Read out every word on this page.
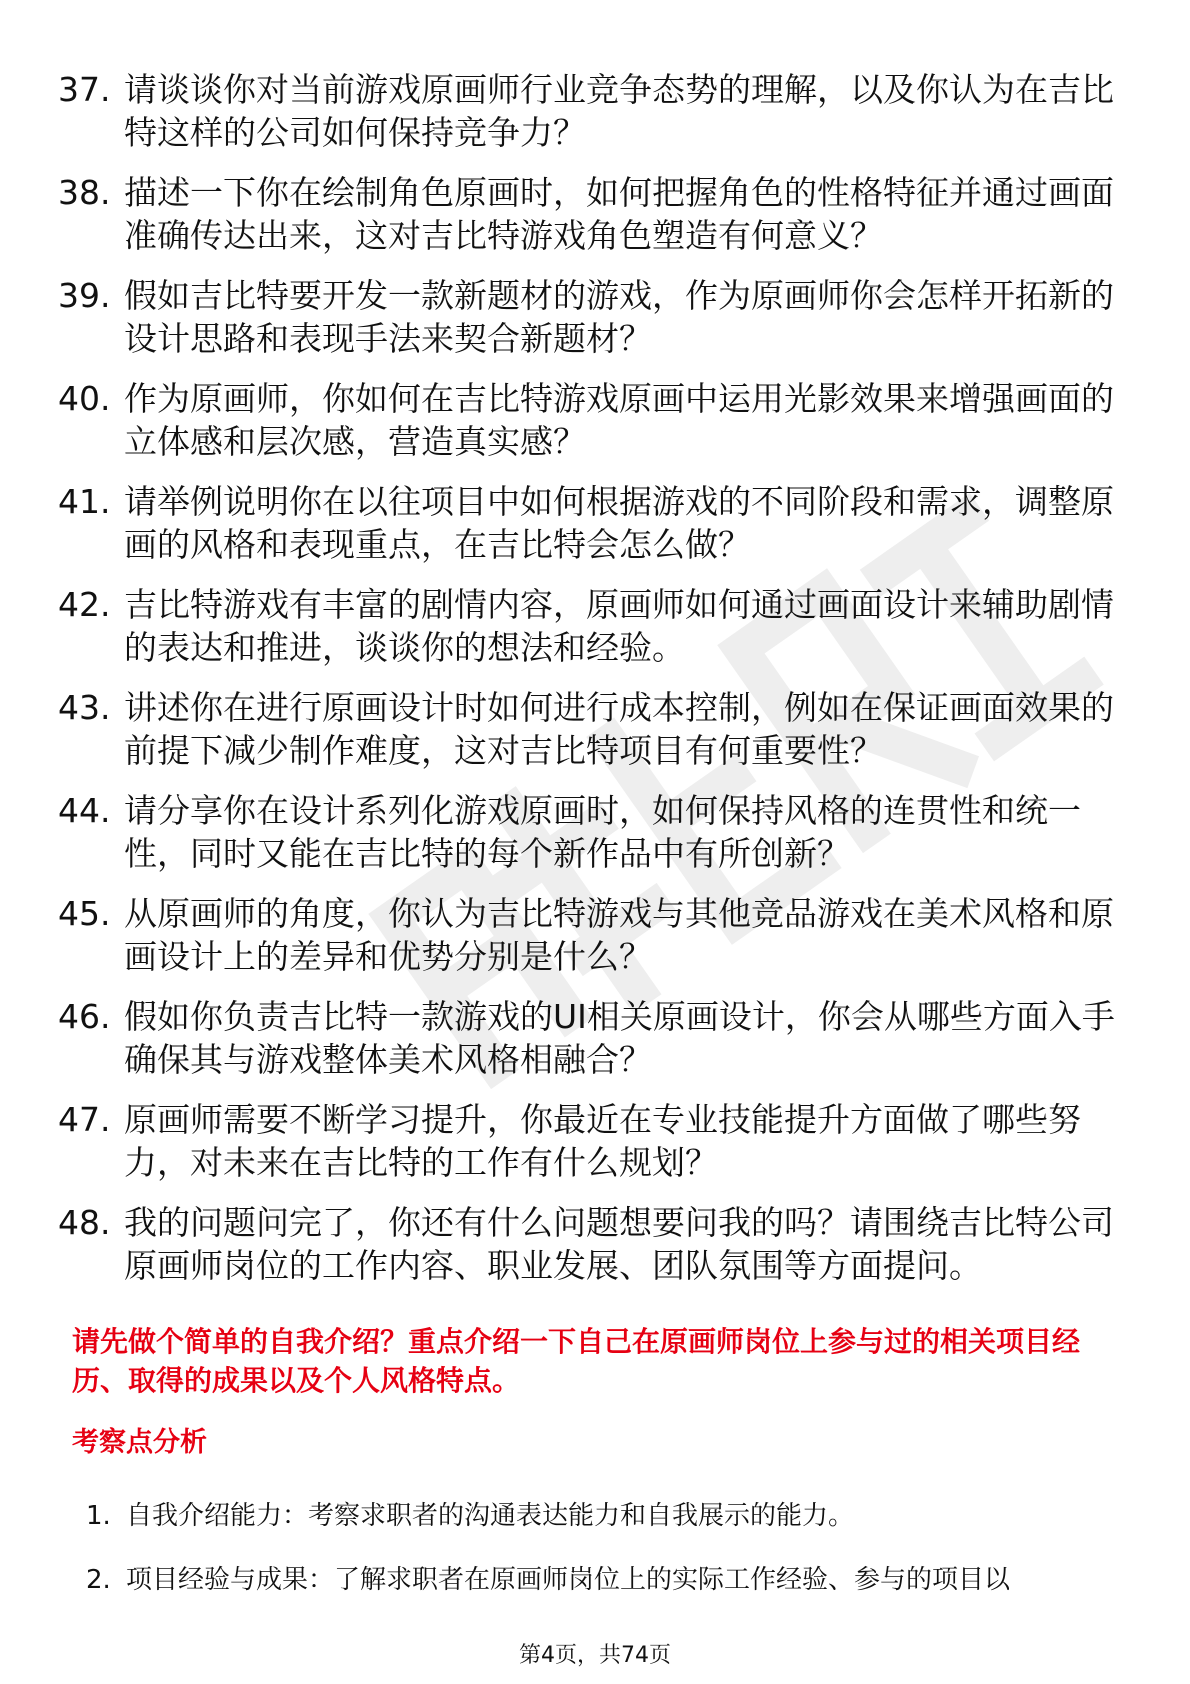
37. 请谈谈你对当前游戏原画师行业竞争态势的理解，以及你认为在吉比特这样的公司如何保持竞争力？
38. 描述一下你在绘制角色原画时，如何把握角色的性格特征并通过画面准确传达出来，这对吉比特游戏角色塑造有何意义？
39. 假如吉比特要开发一款新题材的游戏，作为原画师你会怎样开拓新的设计思路和表现手法来契合新题材？
40. 作为原画师，你如何在吉比特游戏原画中运用光影效果来增强画面的立体感和层次感，营造真实感？
41. 请举例说明你在以往项目中如何根据游戏的不同阶段和需求，调整原画的风格和表现重点，在吉比特会怎么做？
42. 吉比特游戏有丰富的剧情内容，原画师如何通过画面设计来辅助剧情的表达和推进，谈谈你的想法和经验。
43. 讲述你在进行原画设计时如何进行成本控制，例如在保证画面效果的前提下减少制作难度，这对吉比特项目有何重要性？
44. 请分享你在设计系列化游戏原画时，如何保持风格的连贯性和统一性，同时又能在吉比特的每个新作品中有所创新？
45. 从原画师的角度，你认为吉比特游戏与其他竞品游戏在美术风格和原画设计上的差异和优势分别是什么？
46. 假如你负责吉比特一款游戏的UI相关原画设计，你会从哪些方面入手确保其与游戏整体美术风格相融合？
47. 原画师需要不断学习提升，你最近在专业技能提升方面做了哪些努力，对未来在吉比特的工作有什么规划？
48. 我的问题问完了，你还有什么问题想要问我的吗？请围绕吉比特公司原画师岗位的工作内容、职业发展、团队氛围等方面提问。

请先做个简单的自我介绍？重点介绍一下自己在原画师岗位上参与过的相关项目经历、取得的成果以及个人风格特点。

考察点分析
1. 自我介绍能力：考察求职者的沟通表达能力和自我展示的能力。
2. 项目经验与成果：了解求职者在原画师岗位上的实际工作经验、参与的项目以
第4页，共74页
